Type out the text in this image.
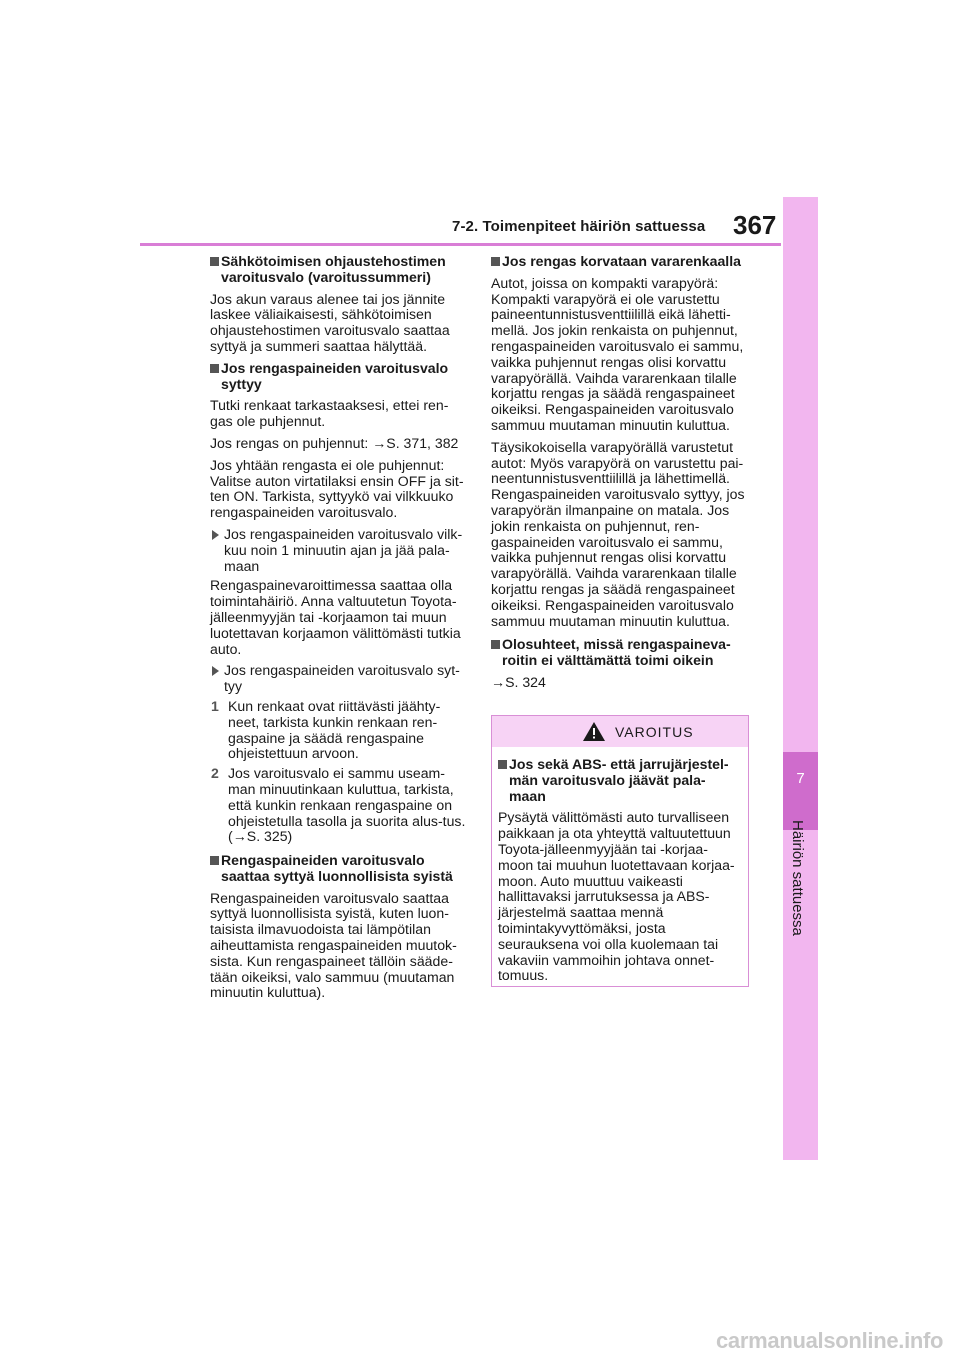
7-2. Toimenpiteet häiriön sattuessa 367
7
Häiriön sattuessa
Sähkötoimisen ohjaustehostimen varoitusvalo (varoitussummeri)

Jos akun varaus alenee tai jos jännite laskee väliaikaisesti, sähkötoimisen ohjaustehostimen varoitusvalo saattaa syttyä ja summeri saattaa hälyttää.

Jos rengaspaineiden varoitusvalo syttyy

Tutki renkaat tarkastaaksesi, ettei ren-gas ole puhjennut.

Jos rengas on puhjennut: →S. 371, 382

Jos yhtään rengasta ei ole puhjennut: Valitse auton virtatilaksi ensin OFF ja sit-ten ON. Tarkista, syttyykö vai vilkkuuko rengaspaineiden varoitusvalo.

Jos rengaspaineiden varoitusvalo vilk-kuu noin 1 minuutin ajan ja jää pala-maan

Rengaspainevaroittimessa saattaa olla toimintahäiriö. Anna valtuutetun Toyota-jälleenmyyjän tai -korjaamon tai muun luotettavan korjaamon välittömästi tutkia auto.

Jos rengaspaineiden varoitusvalo syt-tyy
1 Kun renkaat ovat riittävästi jäähty-neet, tarkista kunkin renkaan ren-gaspaine ja säädä rengaspaine ohjeistettuun arvoon.
2 Jos varoitusvalo ei sammu useam-man minuutinkaan kuluttua, tarkista, että kunkin renkaan rengaspaine on ohjeistetulla tasolla ja suorita alus-tus. (→S. 325)
Rengaspaineiden varoitusvalo saattaa syttyä luonnollisista syistä

Rengaspaineiden varoitusvalo saattaa syttyä luonnollisista syistä, kuten luon-taisista ilmavuodoista tai lämpötilan aiheuttamista rengaspaineiden muutok-sista. Kun rengaspaineet tällöin sääde-tään oikeiksi, valo sammuu (muutaman minuutin kuluttua).

Jos rengas korvataan vararenkaalla

Autot, joissa on kompakti varapyörä: Kompakti varapyörä ei ole varustettu paineentunnistusventtiilillä eikä lähetti-mellä. Jos jokin renkaista on puhjennut, rengaspaineiden varoitusvalo ei sammu, vaikka puhjennut rengas olisi korvattu varapyörällä. Vaihda vararenkaan tilalle korjattu rengas ja säädä rengaspaineet oikeiksi. Rengaspaineiden varoitusvalo sammuu muutaman minuutin kuluttua.

Täysikokoisella varapyörällä varustetut autot: Myös varapyörä on varustettu pai-neentunnistusventtiilillä ja lähettimellä. Rengaspaineiden varoitusvalo syttyy, jos varapyörän ilmanpaine on matala. Jos jokin renkaista on puhjennut, ren-gaspaineiden varoitusvalo ei sammu, vaikka puhjennut rengas olisi korvattu varapyörällä. Vaihda vararenkaan tilalle korjattu rengas ja säädä rengaspaineet oikeiksi. Rengaspaineiden varoitusvalo sammuu muutaman minuutin kuluttua.

Olosuhteet, missä rengaspaineva-roitin ei välttämättä toimi oikein

→S. 324

VAROITUS
Jos sekä ABS- että jarrujärjestel-män varoitusvalo jäävät pala-maan

Pysäytä välittömästi auto turvalliseen paikkaan ja ota yhteyttä valtuutettuun Toyota-jälleenmyyjään tai -korjaa-moon tai muuhun luotettavaan korjaa-moon. Auto muuttuu vaikeasti hallittavaksi jarrutuksessa ja ABS-järjestelmä saattaa mennä toimintakyvyttömäksi, josta seurauksena voi olla kuolemaan tai vakaviin vammoihin johtava onnet-tomuus.

carmanualsonline.info
